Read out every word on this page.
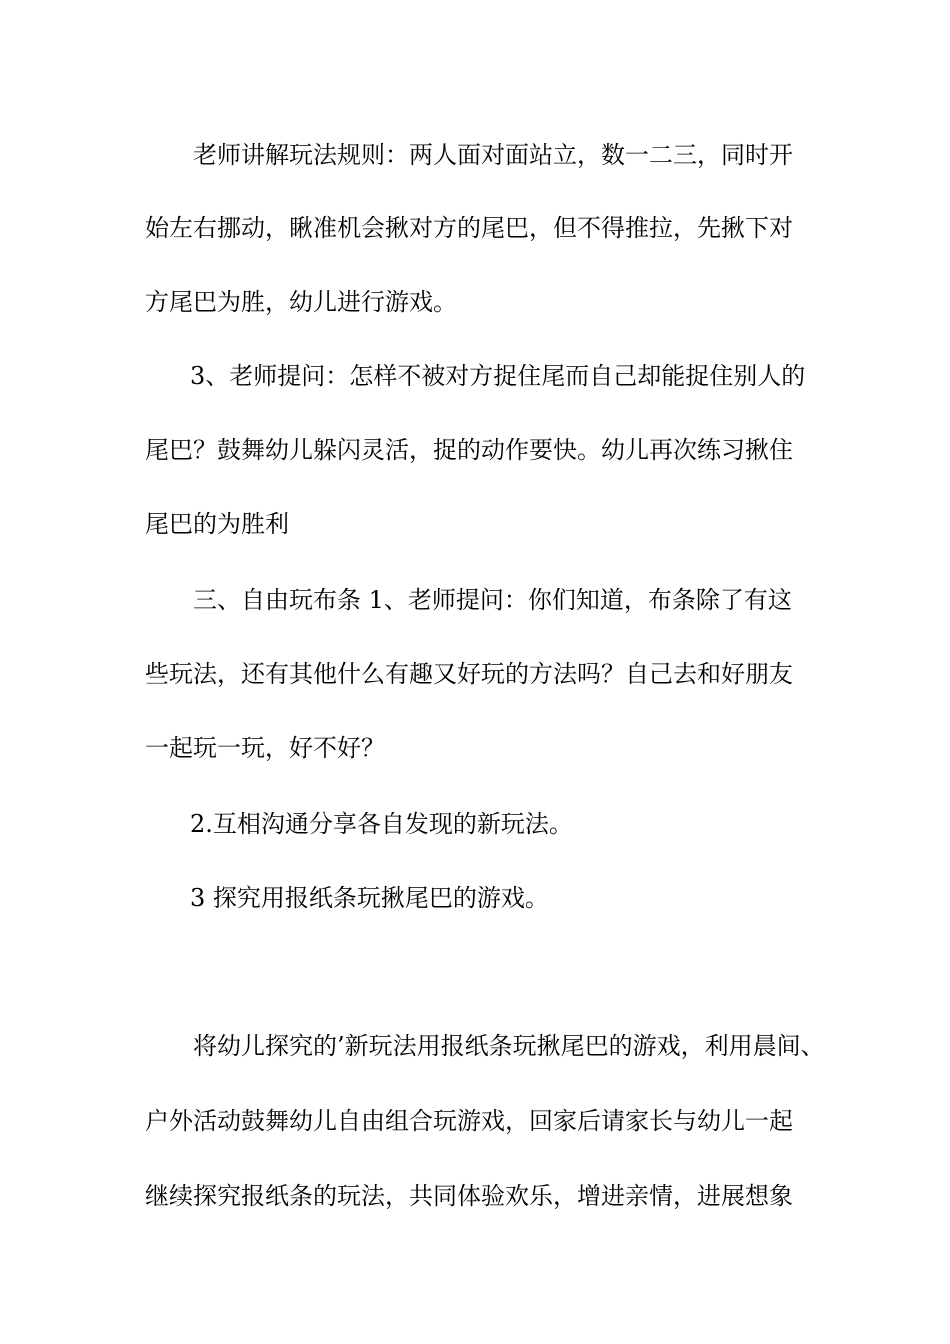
老师讲解玩法规则：两人面对面站立，数一二三，同时开
始左右挪动，瞅准机会揪对方的尾巴，但不得推拉，先揪下对
方尾巴为胜，幼儿进行游戏。
3、老师提问：怎样不被对方捉住尾而自己却能捉住别人的
尾巴？鼓舞幼儿躲闪灵活，捉的动作要快。幼儿再次练习揪住
尾巴的为胜利
三、自由玩布条 1、老师提问：你们知道，布条除了有这
些玩法，还有其他什么有趣又好玩的方法吗？自己去和好朋友
一起玩一玩，好不好？
2.互相沟通分享各自发现的新玩法。
3 探究用报纸条玩揪尾巴的游戏。
将幼儿探究的’新玩法用报纸条玩揪尾巴的游戏，利用晨间、
户外活动鼓舞幼儿自由组合玩游戏，回家后请家长与幼儿一起
继续探究报纸条的玩法，共同体验欢乐，增进亲情，进展想象
